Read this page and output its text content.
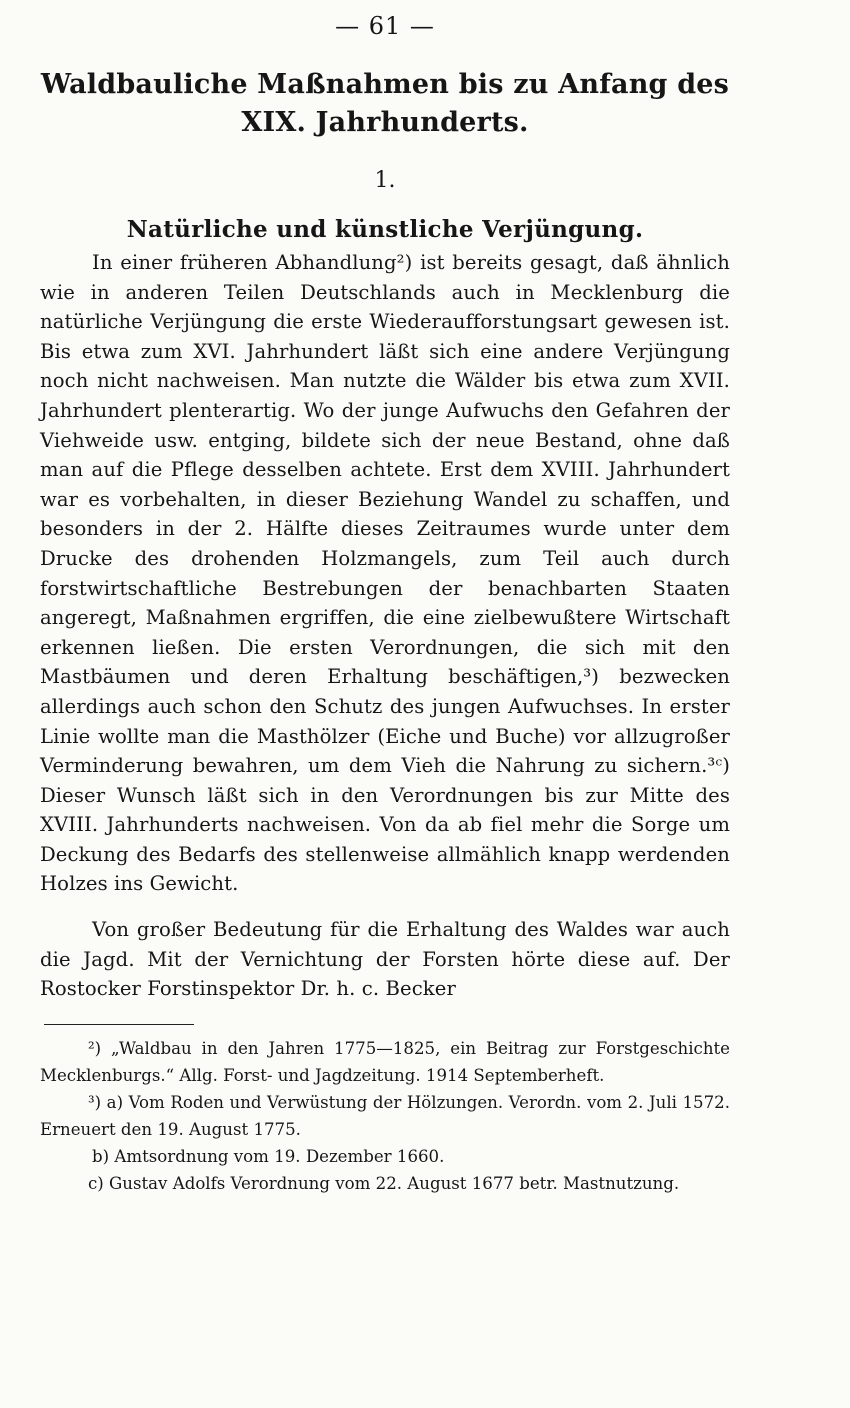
— 61 —
Waldbauliche Maßnahmen bis zu Anfang des
XIX. Jahrhunderts.
1.
Natürliche und künstliche Verjüngung.

In einer früheren Abhandlung²) ist bereits gesagt, daß ähnlich wie in anderen Teilen Deutschlands auch in Mecklenburg die natürliche Verjüngung die erste Wiederaufforstungsart gewesen ist. Bis etwa zum XVI. Jahrhundert läßt sich eine andere Verjüngung noch nicht nachweisen. Man nutzte die Wälder bis etwa zum XVII. Jahrhundert plenterartig. Wo der junge Aufwuchs den Gefahren der Viehweide usw. entging, bildete sich der neue Bestand, ohne daß man auf die Pflege desselben achtete. Erst dem XVIII. Jahrhundert war es vorbehalten, in dieser Beziehung Wandel zu schaffen, und besonders in der 2. Hälfte dieses Zeitraumes wurde unter dem Drucke des drohenden Holzmangels, zum Teil auch durch forstwirtschaftliche Bestrebungen der benachbarten Staaten angeregt, Maßnahmen ergriffen, die eine zielbewußtere Wirtschaft erkennen ließen. Die ersten Verordnungen, die sich mit den Mastbäumen und deren Erhaltung beschäftigen,³) bezwecken allerdings auch schon den Schutz des jungen Aufwuchses. In erster Linie wollte man die Masthölzer (Eiche und Buche) vor allzugroßer Verminderung bewahren, um dem Vieh die Nahrung zu sichern.³ᶜ) Dieser Wunsch läßt sich in den Verordnungen bis zur Mitte des XVIII. Jahrhunderts nachweisen. Von da ab fiel mehr die Sorge um Deckung des Bedarfs des stellenweise allmählich knapp werdenden Holzes ins Gewicht.

Von großer Bedeutung für die Erhaltung des Waldes war auch die Jagd. Mit der Vernichtung der Forsten hörte diese auf. Der Rostocker Forstinspektor Dr. h. c. Becker

²) „Waldbau in den Jahren 1775—1825, ein Beitrag zur Forstgeschichte Mecklenburgs.“ Allg. Forst- und Jagdzeitung. 1914 Septemberheft.

³) a) Vom Roden und Verwüstung der Hölzungen. Verordn. vom 2. Juli 1572. Erneuert den 19. August 1775.

b) Amtsordnung vom 19. Dezember 1660.

c) Gustav Adolfs Verordnung vom 22. August 1677 betr. Mastnutzung.
